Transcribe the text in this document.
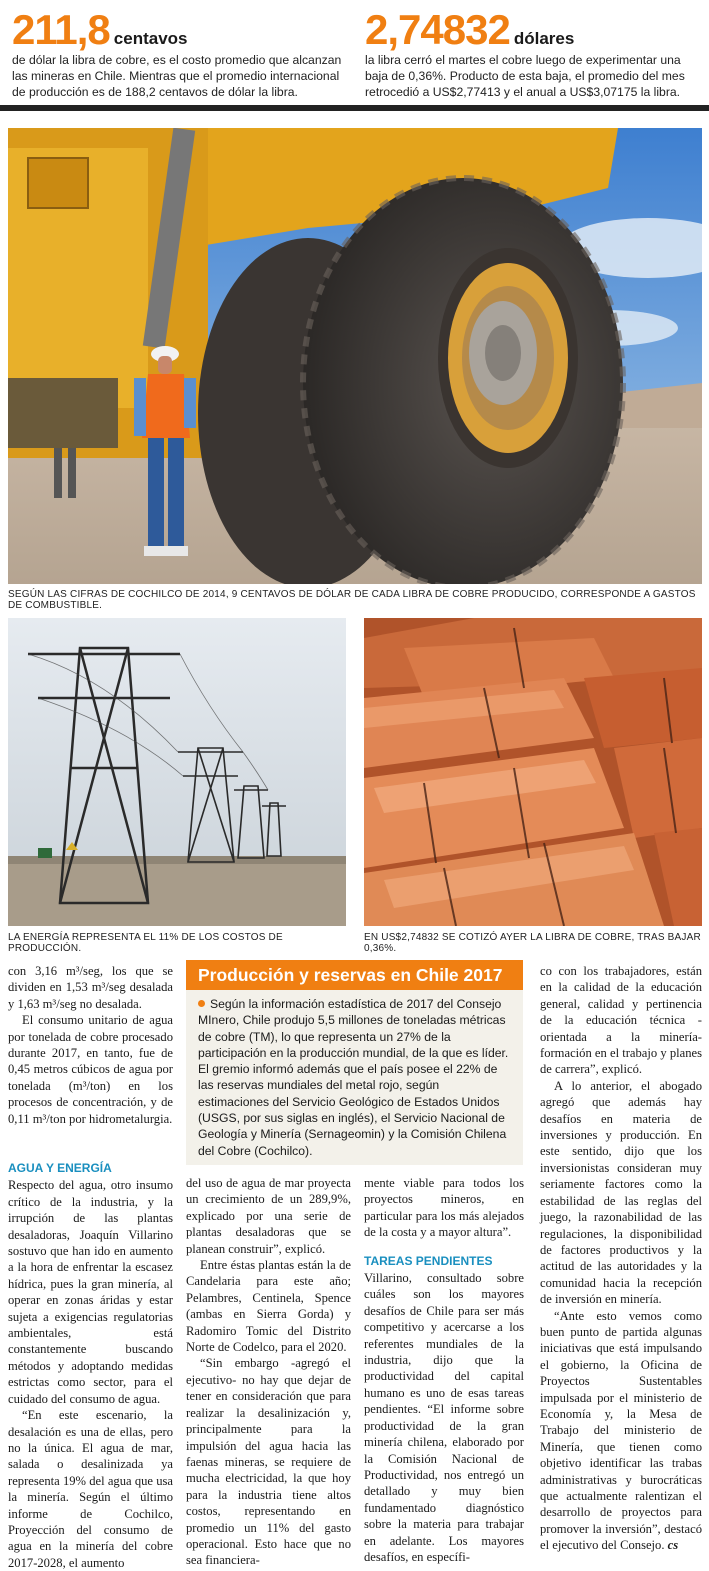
211,8 centavos
de dólar la libra de cobre, es el costo promedio que alcanzan las mineras en Chile. Mientras que el promedio internacional de producción es de 188,2 centavos de dólar la libra.
2,74832 dólares
la libra cerró el martes el cobre luego de experimentar una baja de 0,36%. Producto de esta baja, el promedio del mes retrocedió a US$2,77413 y el anual a US$3,07175 la libra.
SEGÚN LAS CIFRAS DE COCHILCO DE 2014, 9 CENTAVOS DE DÓLAR DE CADA LIBRA DE COBRE PRODUCIDO, CORRESPONDE A GASTOS DE COMBUSTIBLE.
LA ENERGÍA REPRESENTA EL 11% DE LOS COSTOS DE PRODUCCIÓN.
EN US$2,74832 SE COTIZÓ AYER LA LIBRA DE COBRE, TRAS BAJAR 0,36%.
Producción y reservas en Chile 2017
Según la información estadística de 2017 del Consejo MInero, Chile produjo 5,5 millones de toneladas métricas de cobre (TM), lo que representa un 27% de la participación en la producción mundial, de la que es líder. El gremio informó además que el país posee el 22% de las reservas mundiales del metal rojo, según estimaciones del Servicio Geológico de Estados Unidos (USGS, por sus siglas en inglés), el Servicio Nacional de Geología y Minería (Sernageomin) y la Comisión Chilena del Cobre (Cochilco).

con 3,16 m³/seg, los que se dividen en 1,53 m³/seg desalada y 1,63 m³/seg no desalada.

El consumo unitario de agua por tonelada de cobre procesado durante 2017, en tanto, fue de 0,45 metros cúbicos de agua por tonelada (m³/ton) en los procesos de concentración, y de 0,11 m³/ton por hidrometalurgia.

AGUA Y ENERGÍA

Respecto del agua, otro insumo crítico de la industria, y la irrupción de las plantas desaladoras, Joaquín Villarino sostuvo que han ido en aumento a la hora de enfrentar la escasez hídrica, pues la gran minería, al operar en zonas áridas y estar sujeta a exigencias regulatorias ambientales, está constantemente buscando métodos y adoptando medidas estrictas como sector, para el cuidado del consumo de agua.

“En este escenario, la desalación es una de ellas, pero no la única. El agua de mar, salada o desalinizada ya representa 19% del agua que usa la minería. Según el último informe de Cochilco, Proyección del consumo de agua en la minería del cobre 2017-2028, el aumento

del uso de agua de mar proyecta un crecimiento de un 289,9%, explicado por una serie de plantas desaladoras que se planean construir”, explicó.

Entre éstas plantas están la de Candelaria para este año; Pelambres, Centinela, Spence (ambas en Sierra Gorda) y Radomiro Tomic del Distrito Norte de Codelco, para el 2020.

“Sin embargo -agregó el ejecutivo- no hay que dejar de tener en consideración que para realizar la desalinización y, principalmente para la impulsión del agua hacia las faenas mineras, se requiere de mucha electricidad, la que hoy para la industria tiene altos costos, representando en promedio un 11% del gasto operacional. Esto hace que no sea financiera-

mente viable para todos los proyectos mineros, en particular para los más alejados de la costa y a mayor altura”.

TAREAS PENDIENTES

Villarino, consultado sobre cuáles son los mayores desafíos de Chile para ser más competitivo y acercarse a los referentes mundiales de la industria, dijo que la productividad del capital humano es uno de esas tareas pendientes. “El informe sobre productividad de la gran minería chilena, elaborado por la Comisión Nacional de Productividad, nos entregó un detallado y muy bien fundamentado diagnóstico sobre la materia para trabajar en adelante. Los mayores desafíos, en específi-

co con los trabajadores, están en la calidad de la educación general, calidad y pertinencia de la educación técnica -orientada a la minería- formación en el trabajo y planes de carrera”, explicó.

A lo anterior, el abogado agregó que además hay desafíos en materia de inversiones y producción. En este sentido, dijo que los inversionistas consideran muy seriamente factores como la estabilidad de las reglas del juego, la razonabilidad de las regulaciones, la disponibilidad de factores productivos y la actitud de las autoridades y la comunidad hacia la recepción de inversión en minería.

“Ante esto vemos como buen punto de partida algunas iniciativas que está impulsando el gobierno, la Oficina de Proyectos Sustentables impulsada por el ministerio de Economía y, la Mesa de Trabajo del ministerio de Minería, que tienen como objetivo identificar las trabas administrativas y burocráticas que actualmente ralentizan el desarrollo de proyectos para promover la inversión”, destacó el ejecutivo del Consejo. cs
